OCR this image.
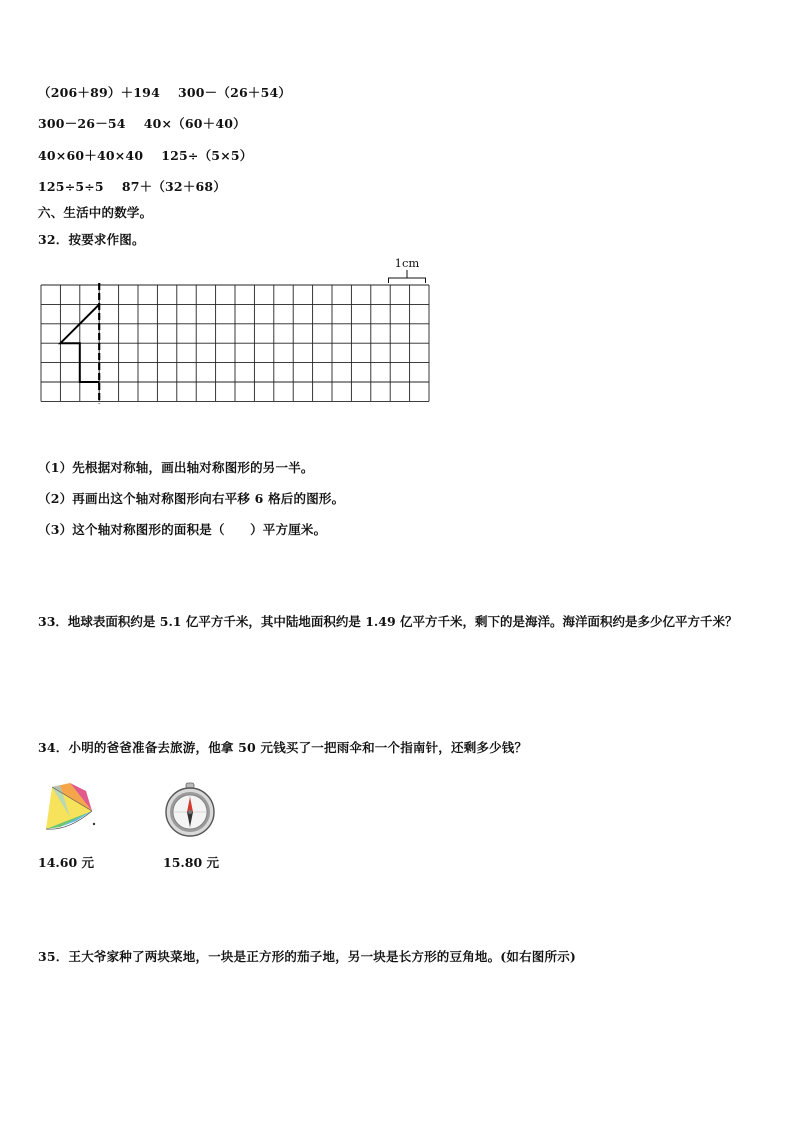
（206＋89）＋194 300－（26＋54）
300－26－54 40×（60＋40）
40×60＋40×40 125÷（5×5）
125÷5÷5 87＋（32＋68）
六、生活中的数学。
32．按要求作图。
1cm
（1）先根据对称轴，画出轴对称图形的另一半。
（2）再画出这个轴对称图形向右平移 6 格后的图形。
（3）这个轴对称图形的面积是（　　）平方厘米。
33．地球表面积约是 5.1 亿平方千米，其中陆地面积约是 1.49 亿平方千米，剩下的是海洋。海洋面积约是多少亿平方千米？
34．小明的爸爸准备去旅游，他拿 50 元钱买了一把雨伞和一个指南针，还剩多少钱？
14.60 元	15.80 元
35．王大爷家种了两块菜地，一块是正方形的茄子地，另一块是长方形的豆角地。(如右图所示)
